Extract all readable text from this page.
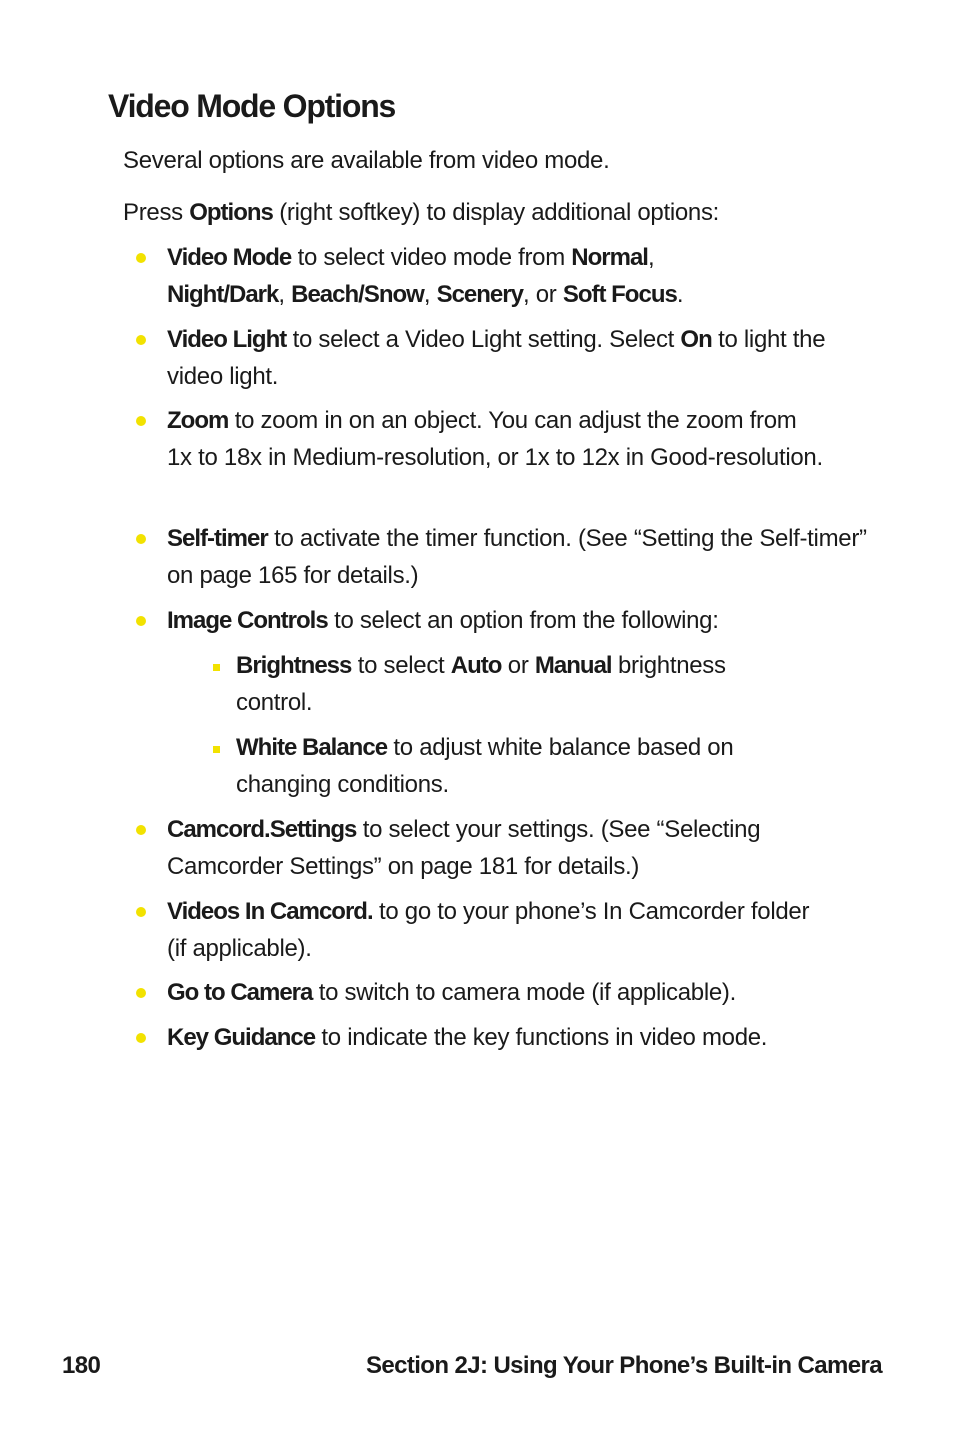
Video Mode Options

Several options are available from video mode.

Press Options (right softkey) to display additional options:

Video Mode to select video mode from Normal,
Night/Dark, Beach/Snow, Scenery, or Soft Focus.
Video Light to select a Video Light setting. Select On to light the video light.
Zoom to zoom in on an object. You can adjust the zoom from 1x to 18x in Medium-resolution, or 1x to 12x in Good-resolution.
Self-timer to activate the timer function. (See “Setting the Self-timer” on page 165 for details.)
Image Controls to select an option from the following:
Brightness to select Auto or Manual brightness control.
White Balance to adjust white balance based on changing conditions.
Camcord.Settings to select your settings. (See “Selecting Camcorder Settings” on page 181 for details.)
Videos In Camcord. to go to your phone’s In Camcorder folder (if applicable).
Go to Camera to switch to camera mode (if applicable).
Key Guidance to indicate the key functions in video mode.

180	Section 2J: Using Your Phone’s Built-in Camera
